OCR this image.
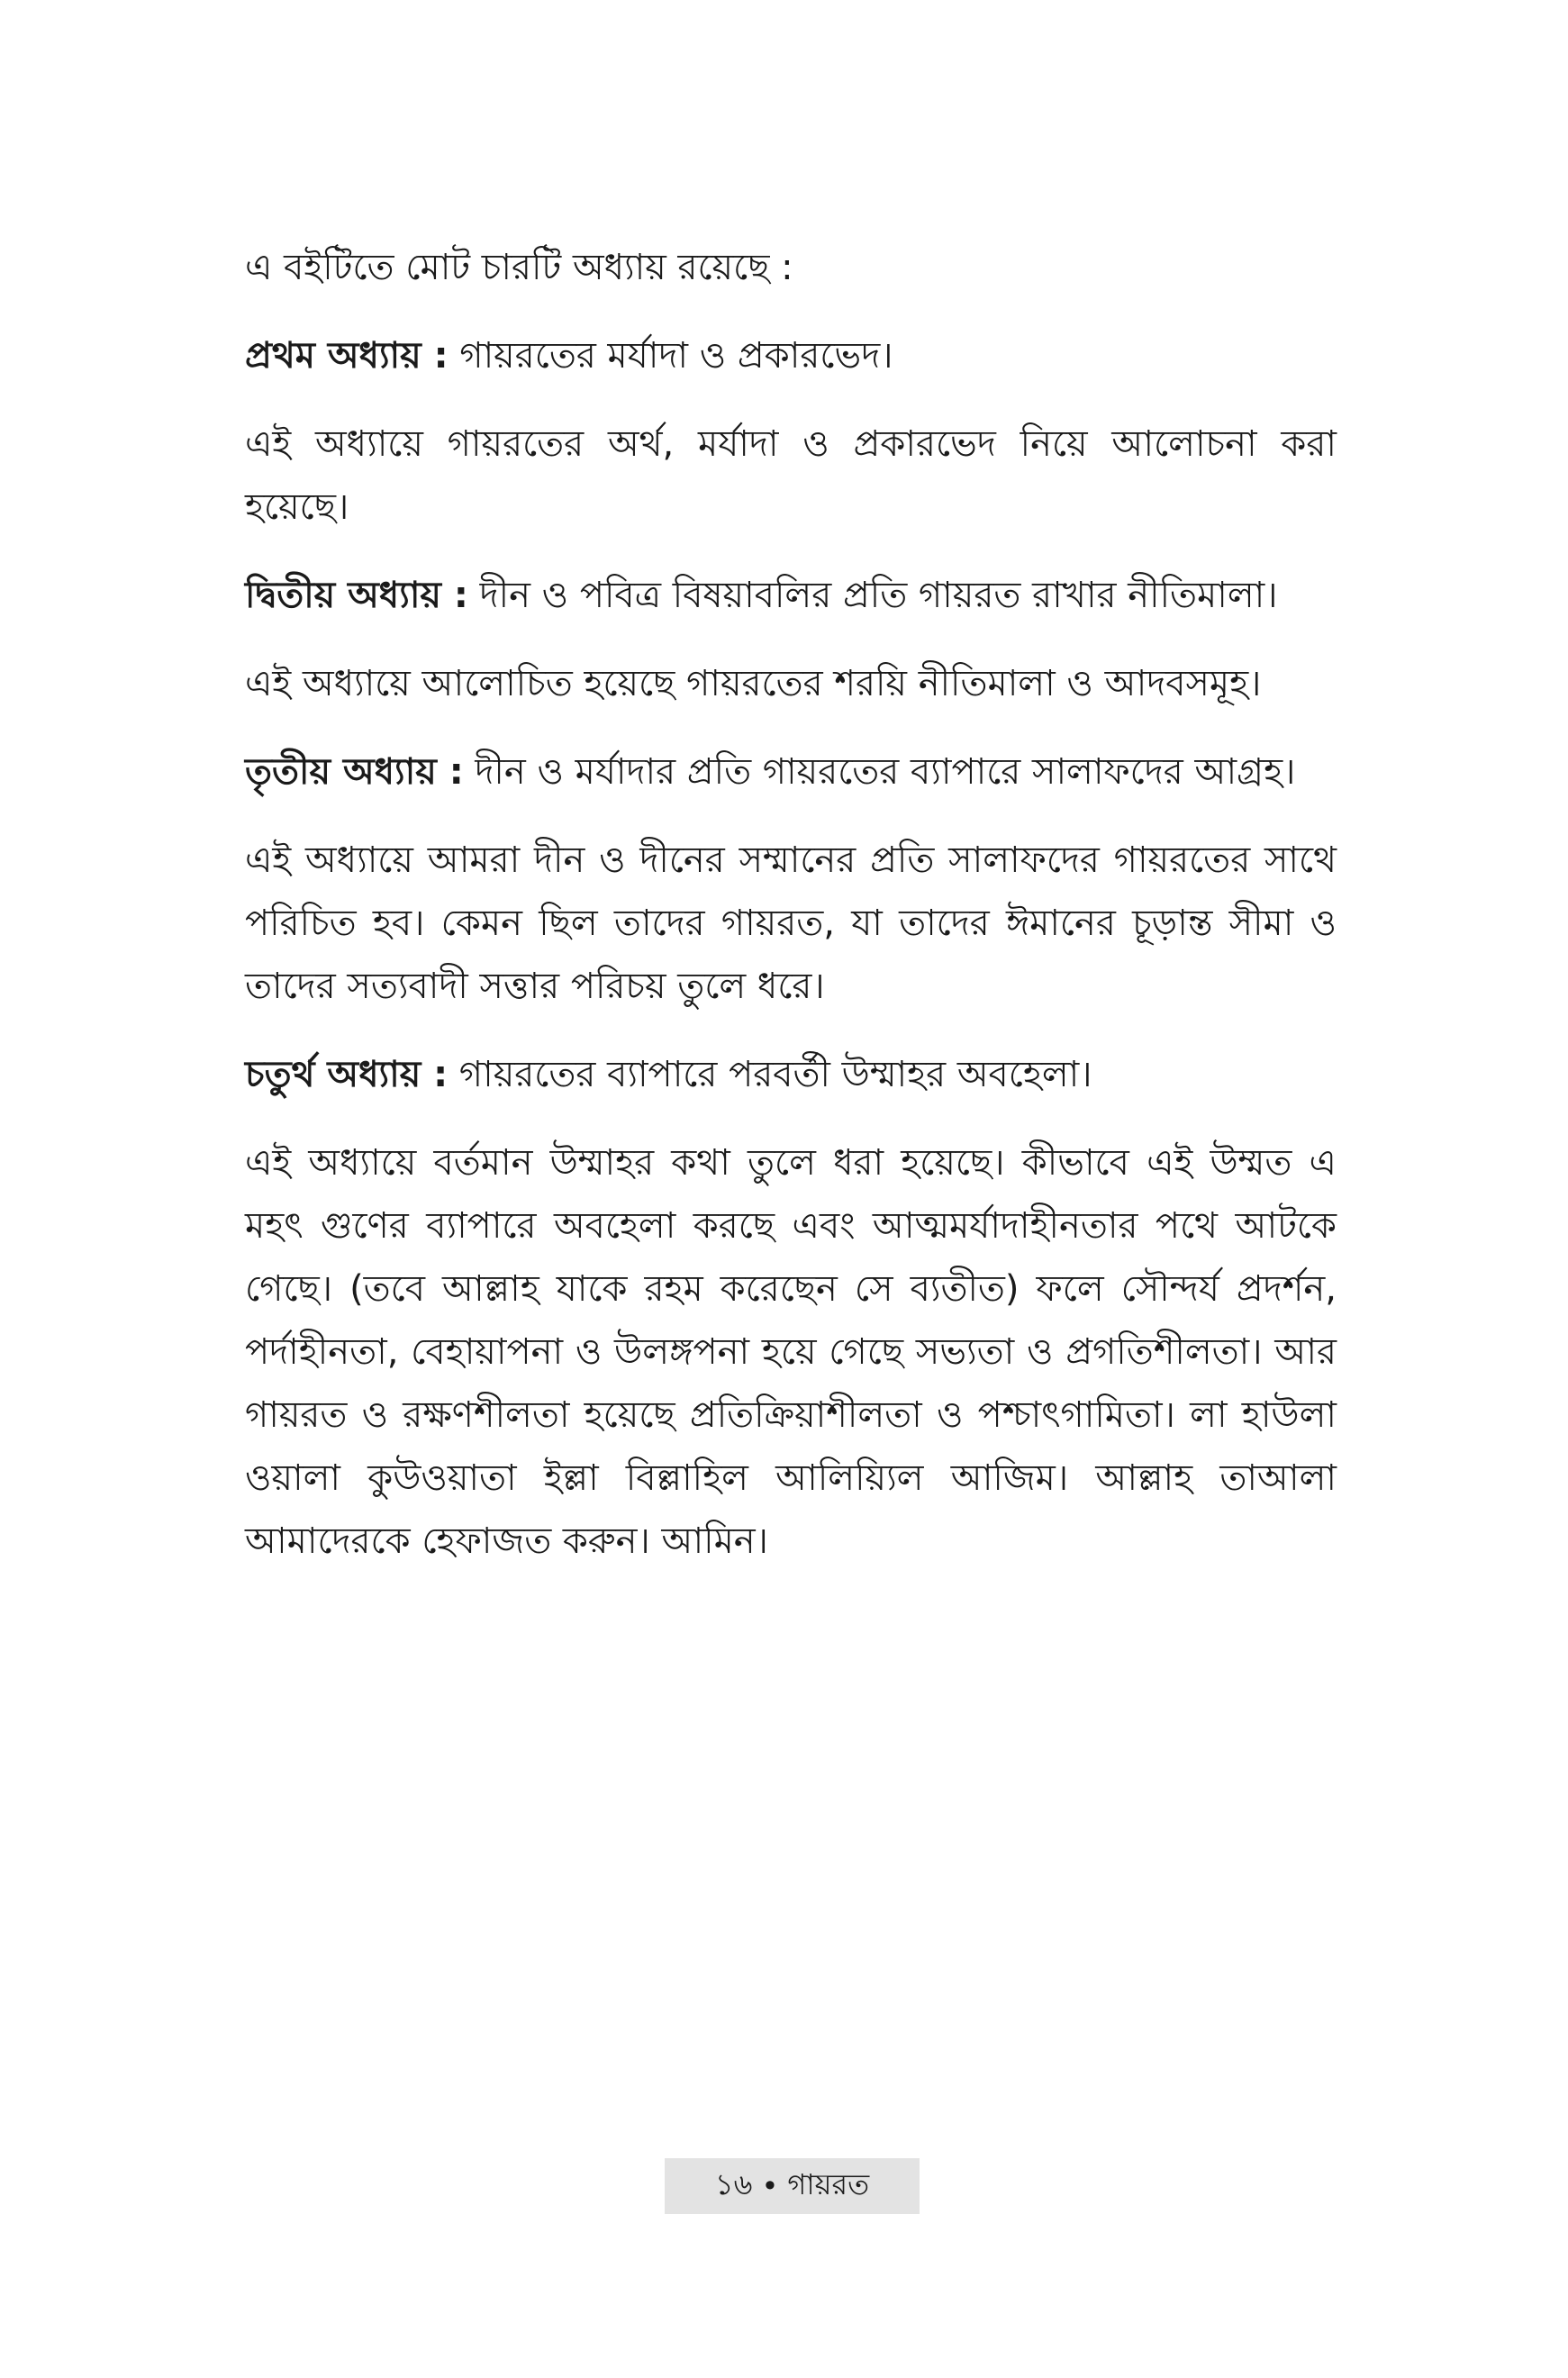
এ বইটিতে মোট চারটি অধ্যায় রয়েছে :

প্রথম অধ্যায় : গায়রতের মর্যাদা ও প্রকারভেদ।

এই অধ্যায়ে গায়রতের অর্থ, মর্যাদা ও প্রকারভেদ নিয়ে আলোচনা করা হয়েছে।

দ্বিতীয় অধ্যায় : দীন ও পবিত্র বিষয়াবলির প্রতি গায়রত রাখার নীতিমালা।

এই অধ্যায়ে আলোচিত হয়েছে গায়রতের শরয়ি নীতিমালা ও আদবসমূহ।

তৃতীয় অধ্যায় : দীন ও মর্যাদার প্রতি গায়রতের ব্যাপারে সালাফদের আগ্রহ।

এই অধ্যায়ে আমরা দীন ও দীনের সম্মানের প্রতি সালাফদের গায়রতের সাথে পরিচিত হব। কেমন ছিল তাদের গায়রত, যা তাদের ঈমানের চূড়ান্ত সীমা ও তাদের সত্যবাদী সত্তার পরিচয় তুলে ধরে।

চতুর্থ অধ্যায় : গায়রতের ব্যাপারে পরবর্তী উম্মাহর অবহেলা।

এই অধ্যায়ে বর্তমান উম্মাহর কথা তুলে ধরা হয়েছে। কীভাবে এই উম্মত এ মহৎ গুণের ব্যাপারে অবহেলা করছে এবং আত্মমর্যাদাহীনতার পথে আটকে গেছে। (তবে আল্লাহ যাকে রহম করেছেন সে ব্যতীত) ফলে সৌন্দর্য প্রদর্শন, পর্দাহীনতা, বেহায়াপনা ও উলঙ্গপনা হয়ে গেছে সভ্যতা ও প্রগতিশীলতা। আর গায়রত ও রক্ষণশীলতা হয়েছে প্রতিক্রিয়াশীলতা ও পশ্চাৎগামিতা। লা হাউলা ওয়ালা কুউওয়াতা ইল্লা বিল্লাহিল আলিয়্যিল আজিম। আল্লাহ তাআলা আমাদেরকে হেফাজত করুন। আমিন।

১৬ • গায়রত
